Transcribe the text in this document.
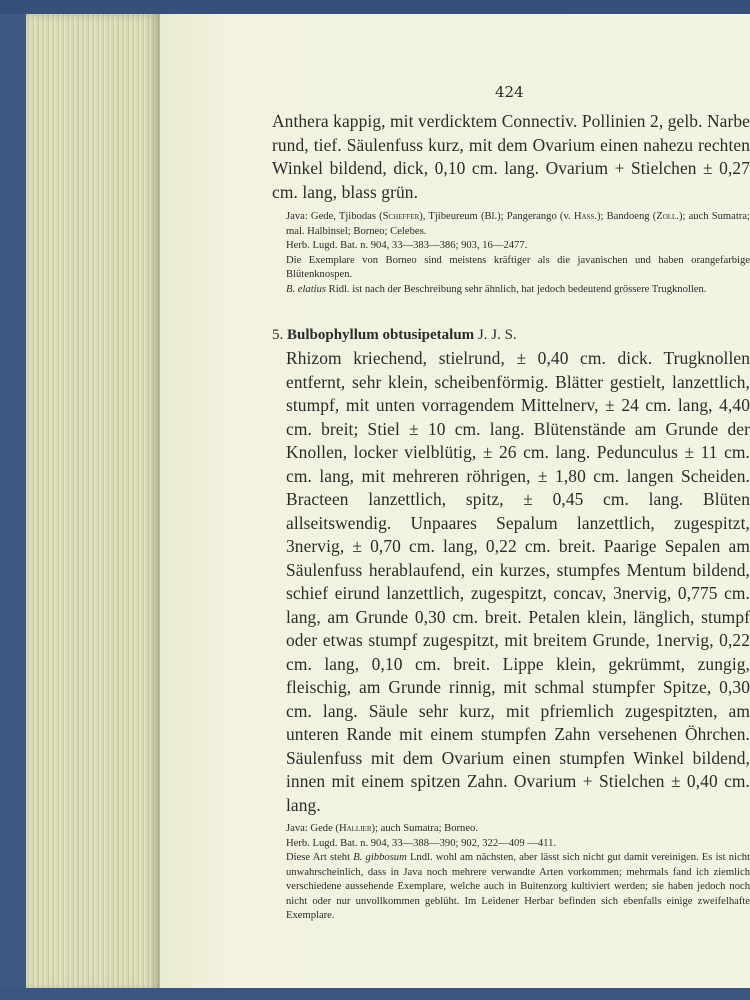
424

Anthera kappig, mit verdicktem Connectiv. Pollinien 2, gelb. Narbe rund, tief. Säulenfuss kurz, mit dem Ovarium einen nahezu rechten Winkel bildend, dick, 0,10 cm. lang. Ovarium + Stielchen ± 0,27 cm. lang, blass grün.

Java: Gede, Tjibodas (Scheffer), Tjibeureum (Bl.); Pangerango (v. Hass.); Bandoeng (Zoll.); auch Sumatra; mal. Halbinsel; Borneo; Celebes.

Herb. Lugd. Bat. n. 904, 33—383—386; 903, 16—2477.

Die Exemplare von Borneo sind meistens kräftiger als die javanischen und haben orangefarbige Blütenknospen.

B. elatius Ridl. ist nach der Beschreibung sehr ähnlich, hat jedoch bedeutend grössere Trugknollen.

5. Bulbophyllum obtusipetalum J. J. S.

Rhizom kriechend, stielrund, ± 0,40 cm. dick. Trugknollen entfernt, sehr klein, scheibenförmig. Blätter gestielt, lanzettlich, stumpf, mit unten vorragendem Mittelnerv, ± 24 cm. lang, 4,40 cm. breit; Stiel ± 10 cm. lang. Blütenstände am Grunde der Knollen, locker vielblütig, ± 26 cm. lang. Pedunculus ± 11 cm. cm. lang, mit mehreren röhrigen, ± 1,80 cm. langen Scheiden. Bracteen lanzettlich, spitz, ± 0,45 cm. lang. Blüten allseitswendig. Unpaares Sepalum lanzettlich, zugespitzt, 3nervig, ± 0,70 cm. lang, 0,22 cm. breit. Paarige Sepalen am Säulenfuss herablaufend, ein kurzes, stumpfes Mentum bildend, schief eirund lanzettlich, zugespitzt, concav, 3nervig, 0,775 cm. lang, am Grunde 0,30 cm. breit. Petalen klein, länglich, stumpf oder etwas stumpf zugespitzt, mit breitem Grunde, 1nervig, 0,22 cm. lang, 0,10 cm. breit. Lippe klein, gekrümmt, zungig, fleischig, am Grunde rinnig, mit schmal stumpfer Spitze, 0,30 cm. lang. Säule sehr kurz, mit pfriemlich zugespitzten, am unteren Rande mit einem stumpfen Zahn versehenen Öhrchen. Säulenfuss mit dem Ovarium einen stumpfen Winkel bildend, innen mit einem spitzen Zahn. Ovarium + Stielchen ± 0,40 cm. lang.

Java: Gede (Hallier); auch Sumatra; Borneo.

Herb. Lugd. Bat. n. 904, 33—388—390; 902, 322—409 —411.

Diese Art steht B. gibbosum Lndl. wohl am nächsten, aber lässt sich nicht gut damit vereinigen. Es ist nicht unwahrscheinlich, dass in Java noch mehrere verwandte Arten vorkommen; mehrmals fand ich ziemlich verschiedene aussehende Exemplare, welche auch in Buitenzorg kultiviert werden; sie haben jedoch noch nicht oder nur unvollkommen geblüht. Im Leidener Herbar befinden sich ebenfalls einige zweifelhafte Exemplare.
